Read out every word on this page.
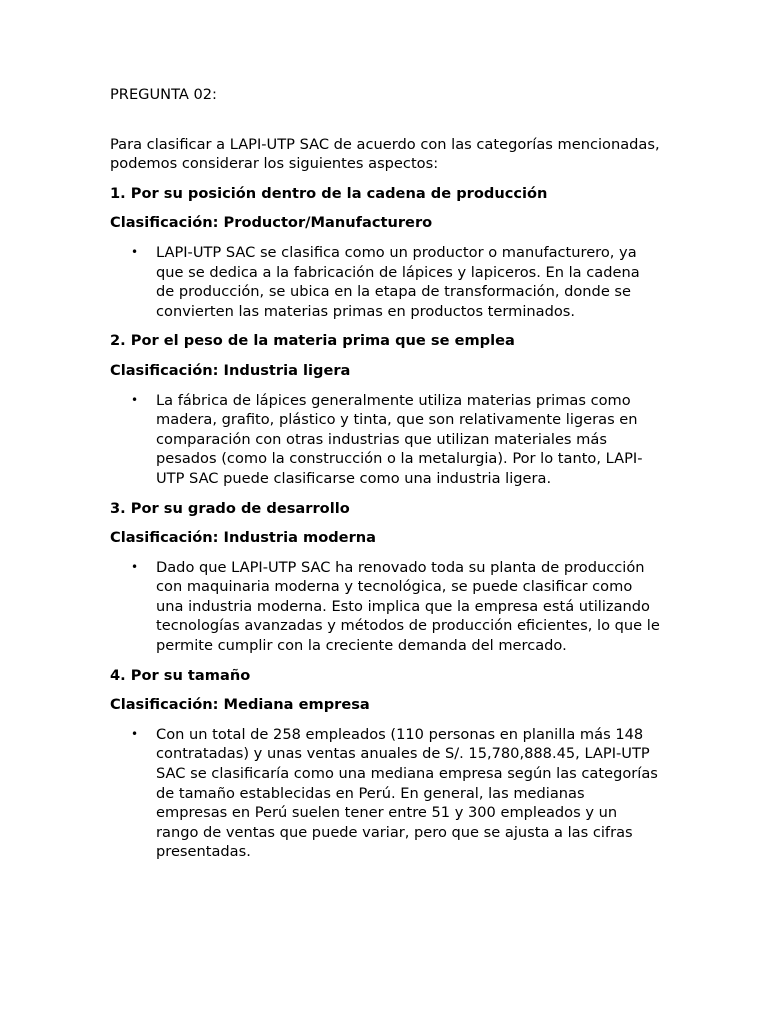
PREGUNTA 02:

Para clasificar a LAPI-UTP SAC de acuerdo con las categorías mencionadas, podemos considerar los siguientes aspectos:

1. Por su posición dentro de la cadena de producción

Clasificación: Productor/Manufacturero

• LAPI-UTP SAC se clasifica como un productor o manufacturero, ya que se dedica a la fabricación de lápices y lapiceros. En la cadena de producción, se ubica en la etapa de transformación, donde se convierten las materias primas en productos terminados.

2. Por el peso de la materia prima que se emplea

Clasificación: Industria ligera

• La fábrica de lápices generalmente utiliza materias primas como madera, grafito, plástico y tinta, que son relativamente ligeras en comparación con otras industrias que utilizan materiales más pesados (como la construcción o la metalurgia). Por lo tanto, LAPI-UTP SAC puede clasificarse como una industria ligera.

3. Por su grado de desarrollo

Clasificación: Industria moderna

• Dado que LAPI-UTP SAC ha renovado toda su planta de producción con maquinaria moderna y tecnológica, se puede clasificar como una industria moderna. Esto implica que la empresa está utilizando tecnologías avanzadas y métodos de producción eficientes, lo que le permite cumplir con la creciente demanda del mercado.

4. Por su tamaño

Clasificación: Mediana empresa

• Con un total de 258 empleados (110 personas en planilla más 148 contratadas) y unas ventas anuales de S/. 15,780,888.45, LAPI-UTP SAC se clasificaría como una mediana empresa según las categorías de tamaño establecidas en Perú. En general, las medianas empresas en Perú suelen tener entre 51 y 300 empleados y un rango de ventas que puede variar, pero que se ajusta a las cifras presentadas.
